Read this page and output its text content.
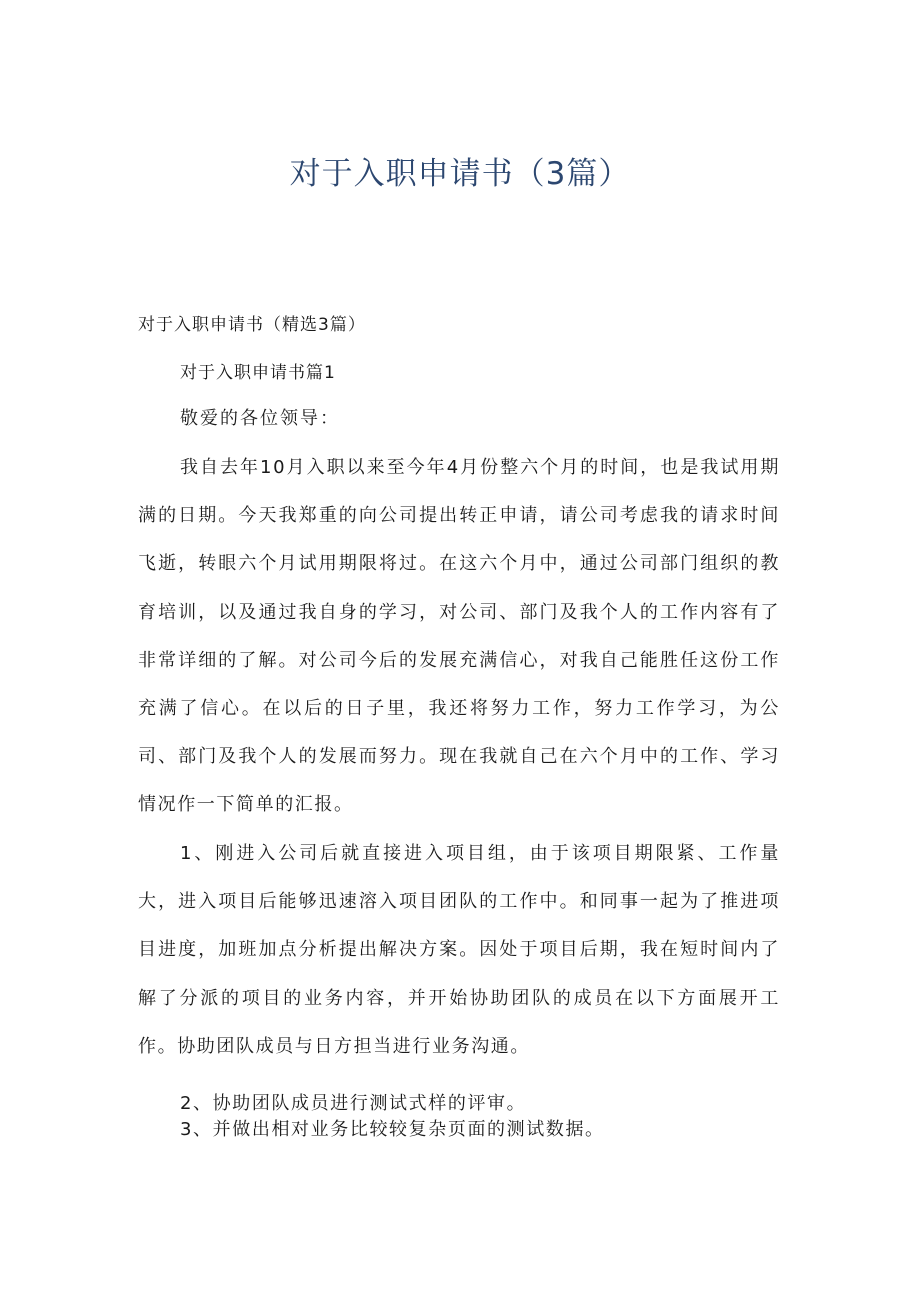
对于入职申请书（3篇）
对于入职申请书（精选3篇）
对于入职申请书篇1
敬爱的各位领导：

我自去年10月入职以来至今年4月份整六个月的时间，也是我试用期满的日期。今天我郑重的向公司提出转正申请，请公司考虑我的请求时间飞逝，转眼六个月试用期限将过。在这六个月中，通过公司部门组织的教育培训，以及通过我自身的学习，对公司、部门及我个人的工作内容有了非常详细的了解。对公司今后的发展充满信心，对我自己能胜任这份工作充满了信心。在以后的日子里，我还将努力工作，努力工作学习，为公司、部门及我个人的发展而努力。现在我就自己在六个月中的工作、学习情况作一下简单的汇报。

1、刚进入公司后就直接进入项目组，由于该项目期限紧、工作量大，进入项目后能够迅速溶入项目团队的工作中。和同事一起为了推进项目进度，加班加点分析提出解决方案。因处于项目后期，我在短时间内了解了分派的项目的业务内容，并开始协助团队的成员在以下方面展开工作。协助团队成员与日方担当进行业务沟通。

2、协助团队成员进行测试式样的评审。
3、并做出相对业务比较较复杂页面的测试数据。
